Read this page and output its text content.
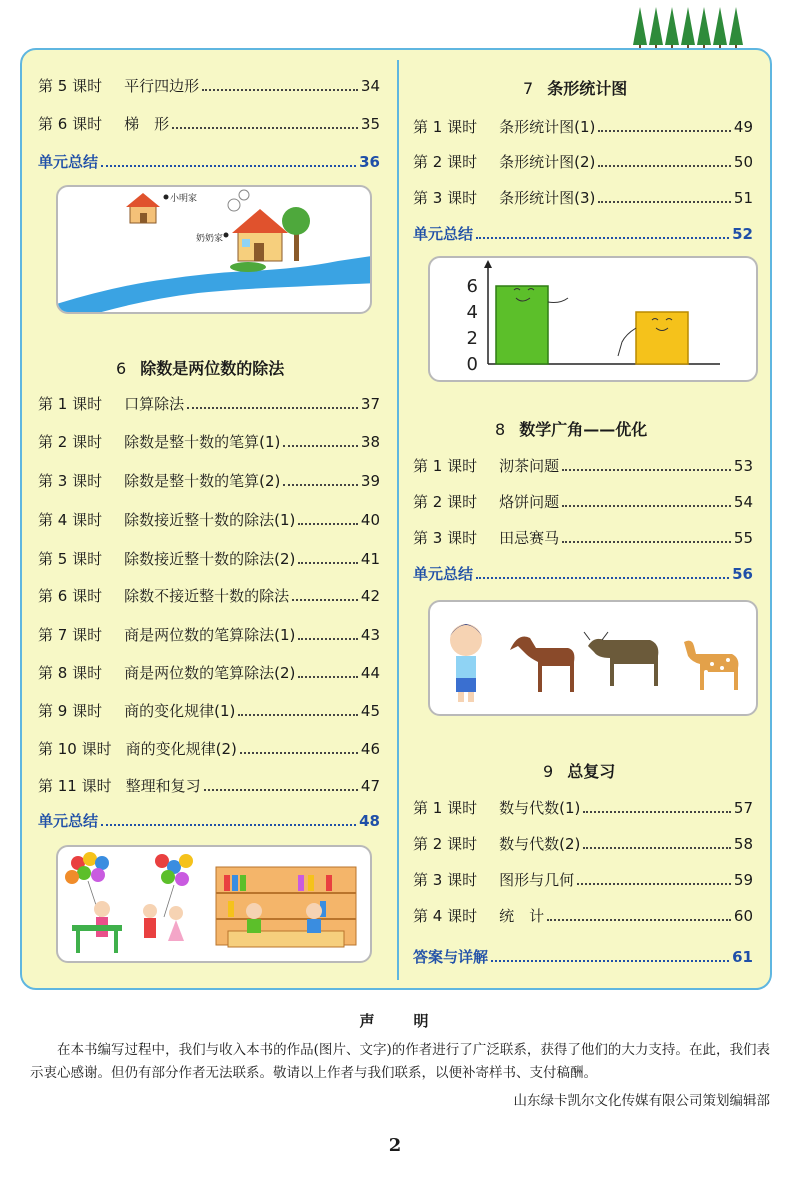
第 5 课时 平行四边形	34
第 6 课时 梯　形	35
单元总结	36
6 除数是两位数的除法
第 1 课时 口算除法	37
第 2 课时 除数是整十数的笔算(1)	38
第 3 课时 除数是整十数的笔算(2)	39
第 4 课时 除数接近整十数的除法(1)	40
第 5 课时 除数接近整十数的除法(2)	41
第 6 课时 除数不接近整十数的除法	42
第 7 课时 商是两位数的笔算除法(1)	43
第 8 课时 商是两位数的笔算除法(2)	44
第 9 课时 商的变化规律(1)	45
第 10 课时 商的变化规律(2)	46
第 11 课时 整理和复习	47
单元总结	48
7 条形统计图
第 1 课时 条形统计图(1)	49
第 2 课时 条形统计图(2)	50
第 3 课时 条形统计图(3)	51
单元总结	52
8 数学广角——优化
第 1 课时 沏茶问题	53
第 2 课时 烙饼问题	54
第 3 课时 田忌赛马	55
单元总结	56
9 总复习
第 1 课时 数与代数(1)	57
第 2 课时 数与代数(2)	58
第 3 课时 图形与几何	59
第 4 课时 统　计	60
答案与详解	61
小明家
奶奶家
0
2
4
6
声　明
在本书编写过程中，我们与收入本书的作品(图片、文字)的作者进行了广泛联系，获得了他们的大力支持。在此，我们表示衷心感谢。但仍有部分作者无法联系。敬请以上作者与我们联系，以便补寄样书、支付稿酬。
山东绿卡凯尔文化传媒有限公司策划编辑部
2
